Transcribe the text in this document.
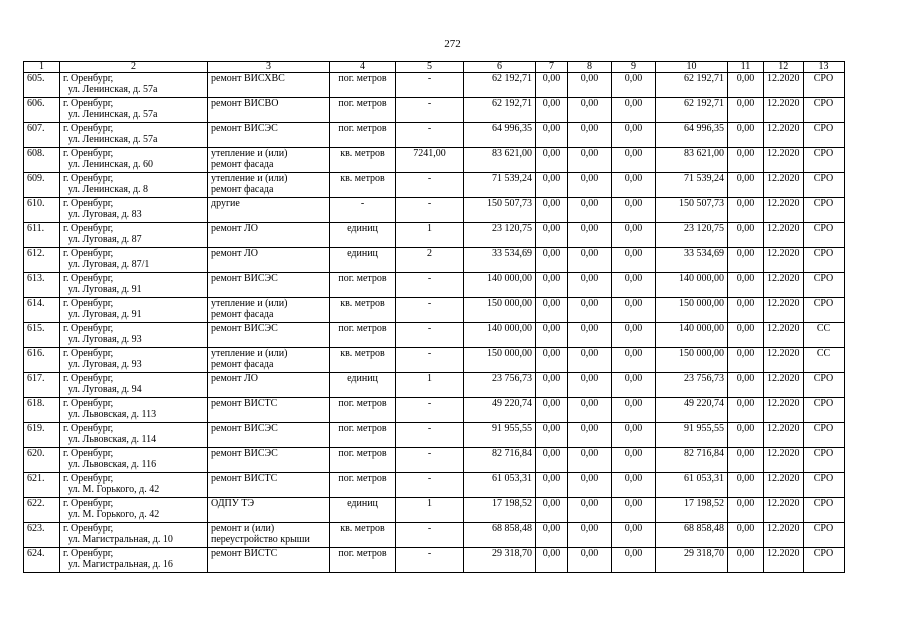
272
1	2	3	4	5	6	7	8	9	10	11	12	13
605.	г. Оренбург,
ул. Ленинская, д. 57а	ремонт ВИСХВС	пог. метров	-	62 192,71	0,00	0,00	0,00	62 192,71	0,00	12.2020	СРО
606.	г. Оренбург,
ул. Ленинская, д. 57а	ремонт ВИСВО	пог. метров	-	62 192,71	0,00	0,00	0,00	62 192,71	0,00	12.2020	СРО
607.	г. Оренбург,
ул. Ленинская, д. 57а	ремонт ВИСЭС	пог. метров	-	64 996,35	0,00	0,00	0,00	64 996,35	0,00	12.2020	СРО
608.	г. Оренбург,
ул. Ленинская, д. 60	утепление и (или)
ремонт фасада	кв. метров	7241,00	83 621,00	0,00	0,00	0,00	83 621,00	0,00	12.2020	СРО
609.	г. Оренбург,
ул. Ленинская, д. 8	утепление и (или)
ремонт фасада	кв. метров	-	71 539,24	0,00	0,00	0,00	71 539,24	0,00	12.2020	СРО
610.	г. Оренбург,
ул. Луговая, д. 83	другие	-	-	150 507,73	0,00	0,00	0,00	150 507,73	0,00	12.2020	СРО
611.	г. Оренбург,
ул. Луговая, д. 87	ремонт ЛО	единиц	1	23 120,75	0,00	0,00	0,00	23 120,75	0,00	12.2020	СРО
612.	г. Оренбург,
ул. Луговая, д. 87/1	ремонт ЛО	единиц	2	33 534,69	0,00	0,00	0,00	33 534,69	0,00	12.2020	СРО
613.	г. Оренбург,
ул. Луговая, д. 91	ремонт ВИСЭС	пог. метров	-	140 000,00	0,00	0,00	0,00	140 000,00	0,00	12.2020	СРО
614.	г. Оренбург,
ул. Луговая, д. 91	утепление и (или)
ремонт фасада	кв. метров	-	150 000,00	0,00	0,00	0,00	150 000,00	0,00	12.2020	СРО
615.	г. Оренбург,
ул. Луговая, д. 93	ремонт ВИСЭС	пог. метров	-	140 000,00	0,00	0,00	0,00	140 000,00	0,00	12.2020	СС
616.	г. Оренбург,
ул. Луговая, д. 93	утепление и (или)
ремонт фасада	кв. метров	-	150 000,00	0,00	0,00	0,00	150 000,00	0,00	12.2020	СС
617.	г. Оренбург,
ул. Луговая, д. 94	ремонт ЛО	единиц	1	23 756,73	0,00	0,00	0,00	23 756,73	0,00	12.2020	СРО
618.	г. Оренбург,
ул. Львовская, д. 113	ремонт ВИСТС	пог. метров	-	49 220,74	0,00	0,00	0,00	49 220,74	0,00	12.2020	СРО
619.	г. Оренбург,
ул. Львовская, д. 114	ремонт ВИСЭС	пог. метров	-	91 955,55	0,00	0,00	0,00	91 955,55	0,00	12.2020	СРО
620.	г. Оренбург,
ул. Львовская, д. 116	ремонт ВИСЭС	пог. метров	-	82 716,84	0,00	0,00	0,00	82 716,84	0,00	12.2020	СРО
621.	г. Оренбург,
ул. М. Горького, д. 42	ремонт ВИСТС	пог. метров	-	61 053,31	0,00	0,00	0,00	61 053,31	0,00	12.2020	СРО
622.	г. Оренбург,
ул. М. Горького, д. 42	ОДПУ ТЭ	единиц	1	17 198,52	0,00	0,00	0,00	17 198,52	0,00	12.2020	СРО
623.	г. Оренбург,
ул. Магистральная, д. 10	ремонт и (или)
переустройство крыши	кв. метров	-	68 858,48	0,00	0,00	0,00	68 858,48	0,00	12.2020	СРО
624.	г. Оренбург,
ул. Магистральная, д. 16	ремонт ВИСТС	пог. метров	-	29 318,70	0,00	0,00	0,00	29 318,70	0,00	12.2020	СРО
